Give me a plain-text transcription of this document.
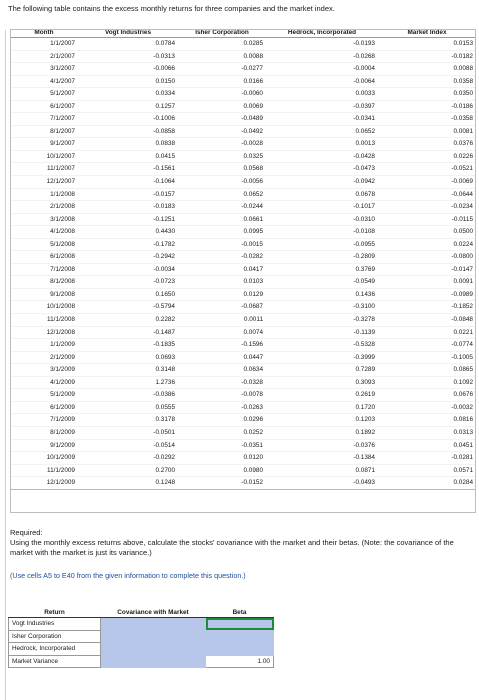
The following table contains the excess monthly returns for three companies and the market index.
Month	Vogt Industries	Isher Corporation	Hedrock, Incorporated	Market Index
1/1/2007	0.0784	0.0285	-0.0193	0.0153
2/1/2007	-0.0313	0.0088	-0.0268	-0.0182
3/1/2007	-0.0066	-0.0277	-0.0004	0.0088
4/1/2007	0.0150	0.0166	-0.0064	0.0358
5/1/2007	0.0334	-0.0060	0.0033	0.0350
6/1/2007	0.1257	0.0069	-0.0397	-0.0186
7/1/2007	-0.1006	-0.0489	-0.0341	-0.0358
8/1/2007	-0.0858	-0.0492	0.0652	0.0081
9/1/2007	0.0838	-0.0028	0.0013	0.0376
10/1/2007	0.0415	0.0325	-0.0428	0.0226
11/1/2007	-0.1561	0.0568	-0.0473	-0.0521
12/1/2007	-0.1064	-0.0056	-0.0942	-0.0069
1/1/2008	-0.0157	0.0652	0.0678	-0.0644
2/1/2008	-0.0183	-0.0244	-0.1017	-0.0234
3/1/2008	-0.1251	0.0661	-0.0310	-0.0115
4/1/2008	0.4430	0.0995	-0.0108	0.0500
5/1/2008	-0.1782	-0.0015	-0.0955	0.0224
6/1/2008	-0.2942	-0.0282	-0.2809	-0.0800
7/1/2008	-0.0034	0.0417	0.3769	-0.0147
8/1/2008	-0.0723	0.0103	-0.0549	0.0091
9/1/2008	0.1650	0.0129	0.1436	-0.0989
10/1/2008	-0.5794	-0.0687	-0.3100	-0.1852
11/1/2008	0.2282	0.0011	-0.3278	-0.0848
12/1/2008	-0.1487	0.0074	-0.1139	0.0221
1/1/2009	-0.1835	-0.1596	-0.5328	-0.0774
2/1/2009	0.0693	0.0447	-0.3999	-0.1005
3/1/2009	0.3148	0.0634	0.7289	0.0865
4/1/2009	1.2736	-0.0328	0.3093	0.1092
5/1/2009	-0.0386	-0.0078	0.2619	0.0676
6/1/2009	0.0555	-0.0263	0.1720	-0.0032
7/1/2009	0.3178	0.0296	0.1203	0.0816
8/1/2009	-0.0501	0.0252	0.1892	0.0313
9/1/2009	-0.0514	-0.0351	-0.0376	0.0451
10/1/2009	-0.0292	0.0120	-0.1384	-0.0281
11/1/2009	0.2700	0.0980	0.0871	0.0571
12/1/2009	0.1248	-0.0152	-0.0493	0.0284
Required:
Using the monthly excess returns above, calculate the stocks' covariance with the market and their betas. (Note: the covariance of the market with the market is just its variance.)
(Use cells A5 to E40 from the given information to complete this question.)
Return	Covariance with Market	Beta
Vogt Industries		
Isher Corporation		
Hedrock, Incorporated		
Market Variance		1.00
